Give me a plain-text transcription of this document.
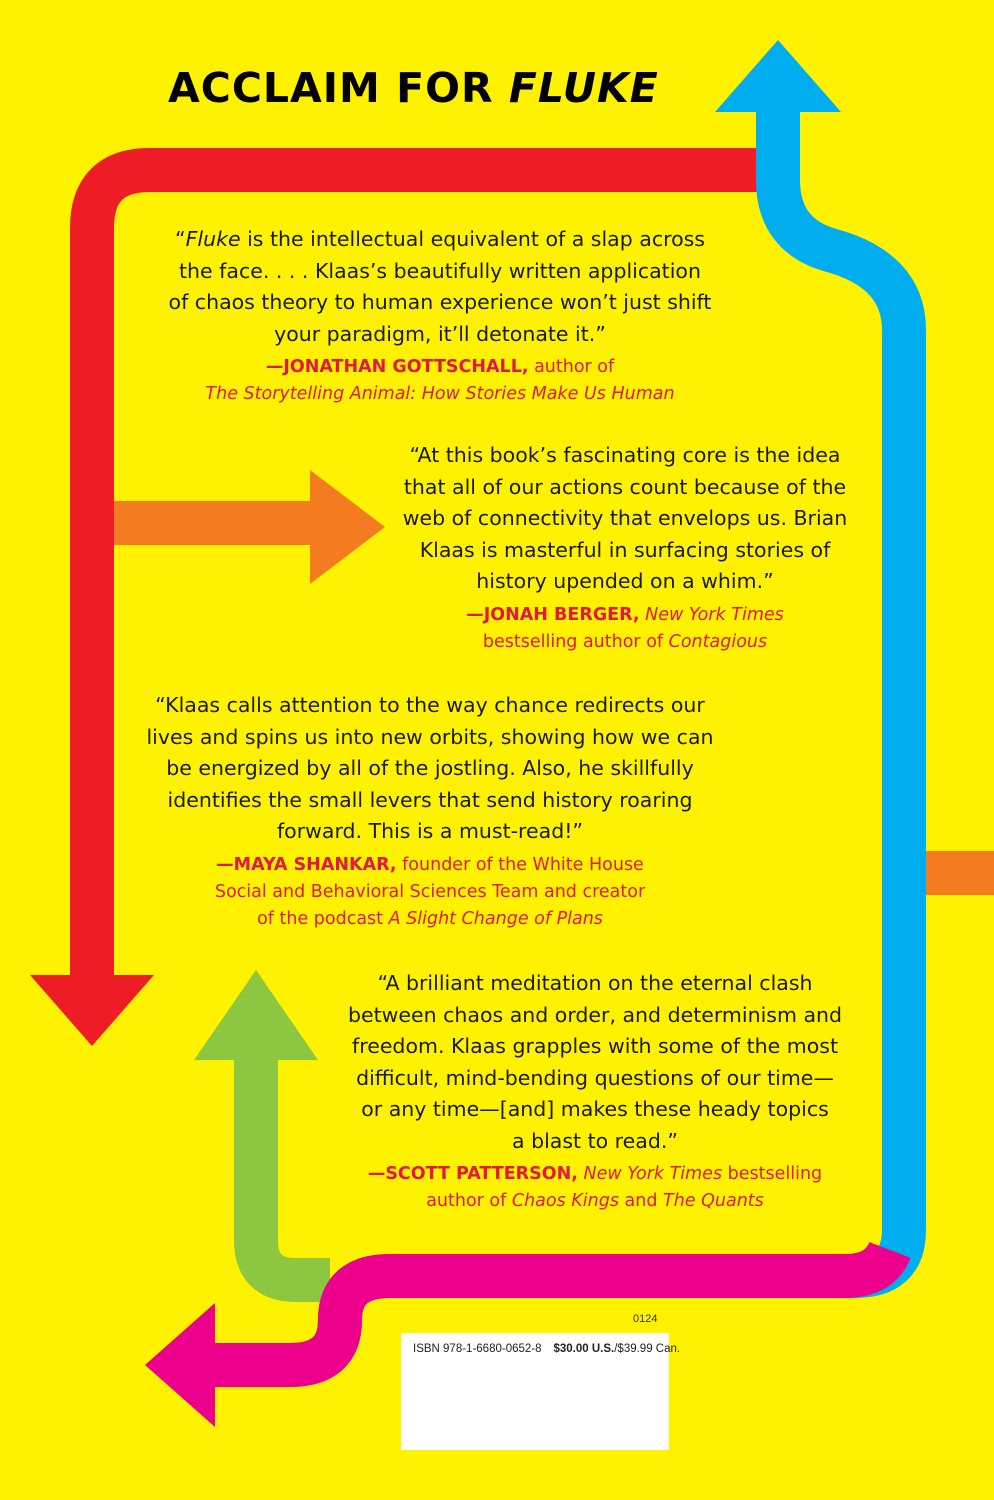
ACCLAIM FOR FLUKE

“Fluke is the intellectual equivalent of a slap across
the face. . . . Klaas’s beautifully written application
of chaos theory to human experience won’t just shift
your paradigm, it’ll detonate it.”

—JONATHAN GOTTSCHALL, author of
The Storytelling Animal: How Stories Make Us Human

“At this book’s fascinating core is the idea
that all of our actions count because of the
web of connectivity that envelops us. Brian
Klaas is masterful in surfacing stories of
history upended on a whim.”

—JONAH BERGER, New York Times
bestselling author of Contagious

“Klaas calls attention to the way chance redirects our
lives and spins us into new orbits, showing how we can
be energized by all of the jostling. Also, he skillfully
identifies the small levers that send history roaring
forward. This is a must-read!”

—MAYA SHANKAR, founder of the White House
Social and Behavioral Sciences Team and creator
of the podcast A Slight Change of Plans

“A brilliant meditation on the eternal clash
between chaos and order, and determinism and
freedom. Klaas grapples with some of the most
difficult, mind-bending questions of our time—
or any time—[and] makes these heady topics
a blast to read.”

—SCOTT PATTERSON, New York Times bestselling
author of Chaos Kings and The Quants

0124
ISBN 978-1-6680-0652-8 $30.00 U.S./$39.99 Can.
